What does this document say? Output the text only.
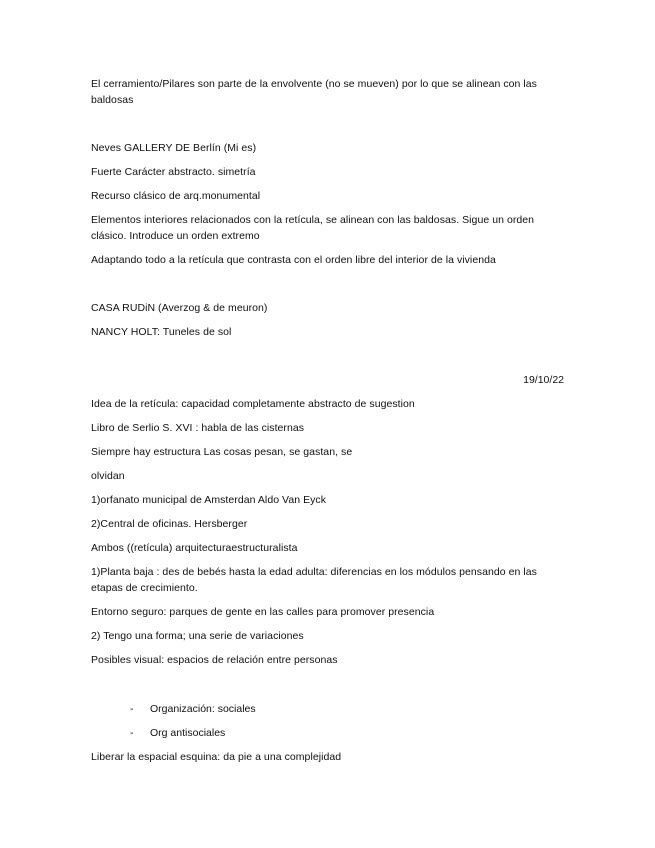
El cerramiento/Pilares son parte de la envolvente (no se mueven) por lo que se alinean con las baldosas
Neves GALLERY DE Berlín (Mi es)
Fuerte Carácter abstracto. simetría
Recurso clásico de arq.monumental
Elementos interiores relacionados con la retícula, se alinean con las baldosas. Sigue un orden clásico. Introduce un orden extremo
Adaptando todo a la retícula que contrasta con el orden libre del interior de la vivienda
CASA RUDiN (Averzog & de meuron)
NANCY HOLT: Tuneles de sol
19/10/22
Idea de la retícula: capacidad completamente abstracto de sugestion
Libro de Serlio S. XVI : habla de las cisternas
Siempre hay estructura Las cosas pesan, se gastan, se
olvidan
1)orfanato municipal de Amsterdan Aldo Van Eyck
2)Central de oficinas. Hersberger
Ambos ((retícula) arquitecturaestructuralista
1)Planta baja : des de bebés hasta la edad adulta: diferencias en los módulos pensando en las etapas de crecimiento.
Entorno seguro: parques de gente en las calles para promover presencia
2) Tengo una forma; una serie de variaciones
Posibles visual: espacios de relación entre personas
- Organización: sociales
- Org antisociales
Liberar la espacial esquina: da pie a una complejidad
